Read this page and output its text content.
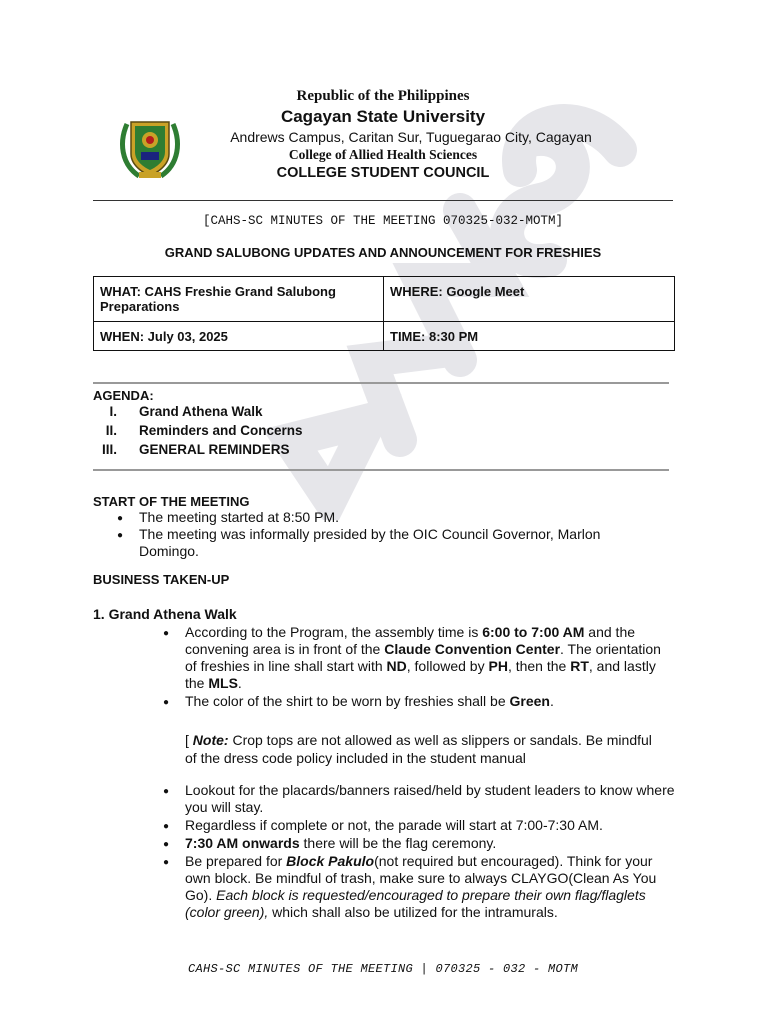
Republic of the Philippines
Cagayan State University
Andrews Campus, Caritan Sur, Tuguegarao City, Cagayan
College of Allied Health Sciences
COLLEGE STUDENT COUNCIL
[CAHS-SC MINUTES OF THE MEETING 070325-032-MOTM]
GRAND SALUBONG UPDATES AND ANNOUNCEMENT FOR FRESHIES
WHAT: CAHS Freshie Grand Salubong Preparations	WHERE: Google Meet
WHEN: July 03, 2025	TIME: 8:30 PM
AGENDA:
I. Grand Athena Walk
II. Reminders and Concerns
III. GENERAL REMINDERS
START OF THE MEETING
● The meeting started at 8:50 PM.
● The meeting was informally presided by the OIC Council Governor, Marlon Domingo.
BUSINESS TAKEN-UP
1. Grand Athena Walk
● According to the Program, the assembly time is 6:00 to 7:00 AM and the convening area is in front of the Claude Convention Center. The orientation of freshies in line shall start with ND, followed by PH, then the RT, and lastly the MLS.
● The color of the shirt to be worn by freshies shall be Green.
[ Note: Crop tops are not allowed as well as slippers or sandals. Be mindful of the dress code policy included in the student manual
● Lookout for the placards/banners raised/held by student leaders to know where you will stay.
● Regardless if complete or not, the parade will start at 7:00-7:30 AM.
● 7:30 AM onwards there will be the flag ceremony.
● Be prepared for Block Pakulo(not required but encouraged). Think for your own block. Be mindful of trash, make sure to always CLAYGO(Clean As You Go). Each block is requested/encouraged to prepare their own flag/flaglets (color green), which shall also be utilized for the intramurals.
CAHS-SC MINUTES OF THE MEETING | 070325 - 032 - MOTM
